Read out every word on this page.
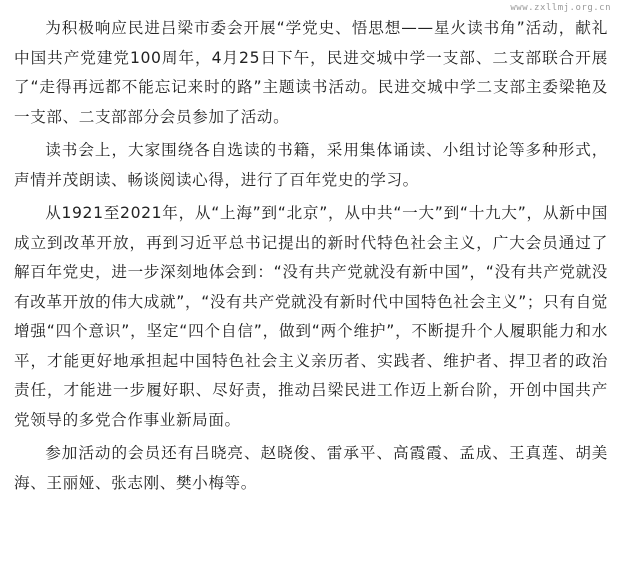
www.zxllmj.org.cn

为积极响应民进吕梁市委会开展“学党史、悟思想——星火读书角”活动，献礼中国共产党建党100周年，4月25日下午，民进交城中学一支部、二支部联合开展了“走得再远都不能忘记来时的路”主题读书活动。民进交城中学二支部主委梁艳及一支部、二支部部分会员参加了活动。

读书会上，大家围绕各自选读的书籍，采用集体诵读、小组讨论等多种形式，声情并茂朗读、畅谈阅读心得，进行了百年党史的学习。

从1921至2021年，从“上海”到“北京”，从中共“一大”到“十九大”，从新中国成立到改革开放，再到习近平总书记提出的新时代特色社会主义，广大会员通过了解百年党史，进一步深刻地体会到：“没有共产党就没有新中国”，“没有共产党就没有改革开放的伟大成就”，“没有共产党就没有新时代中国特色社会主义”；只有自觉增强“四个意识”，坚定“四个自信”，做到“两个维护”，不断提升个人履职能力和水平，才能更好地承担起中国特色社会主义亲历者、实践者、维护者、捍卫者的政治责任，才能进一步履好职、尽好责，推动吕梁民进工作迈上新台阶，开创中国共产党领导的多党合作事业新局面。

参加活动的会员还有吕晓亮、赵晓俊、雷承平、高霞霞、孟成、王真莲、胡美海、王丽娅、张志刚、樊小梅等。
